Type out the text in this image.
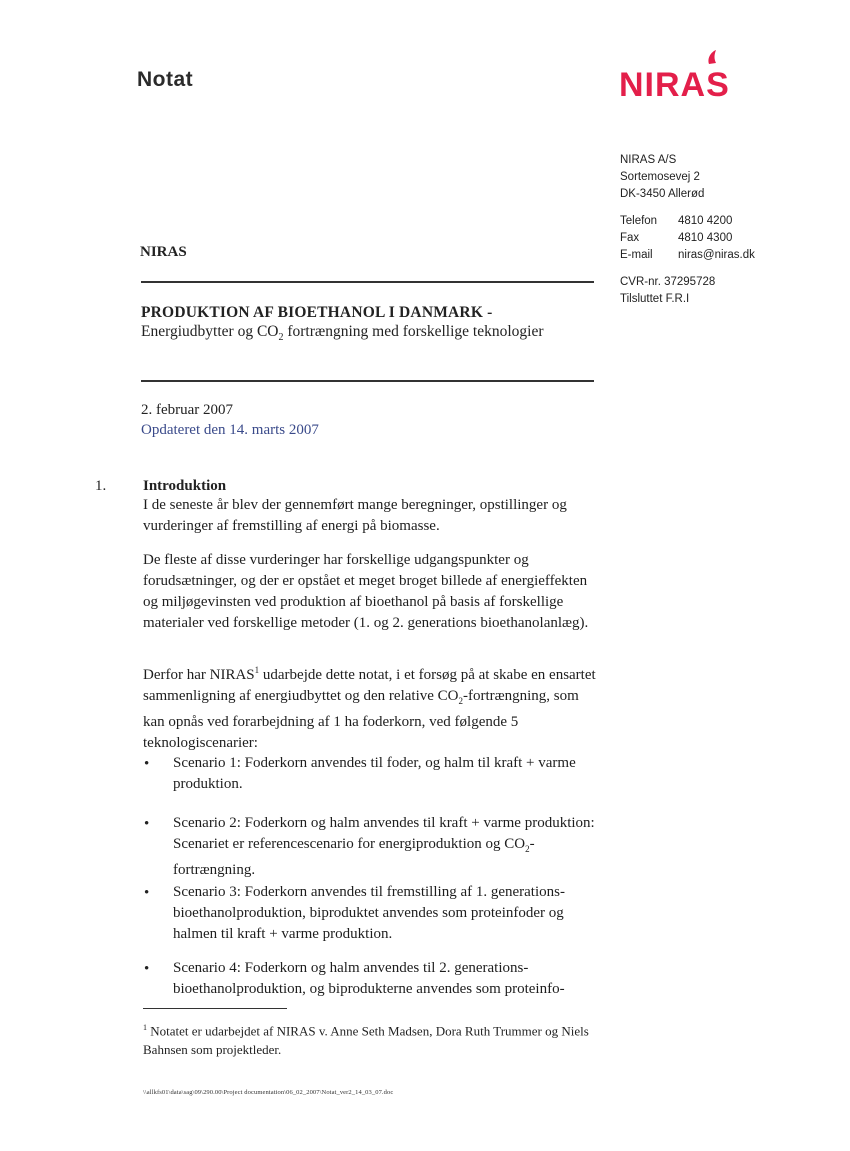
Notat	NIRAS
NIRAS A/S
Sortemosevej 2
DK-3450 Allerød
Telefon	4810 4200
Fax	4810 4300
E-mail	niras@niras.dk
CVR-nr. 37295728
Tilsluttet F.R.I
NIRAS
PRODUKTION AF BIOETHANOL I DANMARK -
Energiudbytter og $CO_2$ fortrængning med forskellige teknologier
2. februar 2007
Opdateret den 14. marts 2007
1. Introduktion

I de seneste år blev der gennemført mange beregninger, opstillinger og vurderinger af fremstilling af energi på biomasse.

De fleste af disse vurderinger har forskellige udgangspunkter og forudsætninger, og der er opstået et meget broget billede af energieffekten og miljøgevinsten ved produktion af bioethanol på basis af forskellige materialer ved forskellige metoder (1. og 2. generations bioethanolanlæg).

Derfor har NIRAS$^1$ udarbejde dette notat, i et forsøg på at skabe en ensartet sammenligning af energiudbyttet og den relative $CO_2$-fortrængning, som kan opnås ved forarbejdning af 1 ha foderkorn, ved følgende 5 teknologiscenarier:

• Scenario 1: Foderkorn anvendes til foder, og halm til kraft + varme produktion.
• Scenario 2: Foderkorn og halm anvendes til kraft + varme produktion: Scenariet er referencescenario for energiproduktion og $CO_2$-fortrængning.
• Scenario 3: Foderkorn anvendes til fremstilling af 1. generations-bioethanolproduktion, biproduktet anvendes som proteinfoder og halmen til kraft + varme produktion.
• Scenario 4: Foderkorn og halm anvendes til 2. generations-bioethanolproduktion, og biprodukterne anvendes som proteinfo-
$^1$ Notatet er udarbejdet af NIRAS v. Anne Seth Madsen, Dora Ruth Trummer og Niels Bahnsen som projektleder.
\\allkfs01\data\sag\09\290.00\Project documentation\06_02_2007\Notat_ver2_14_03_07.doc
